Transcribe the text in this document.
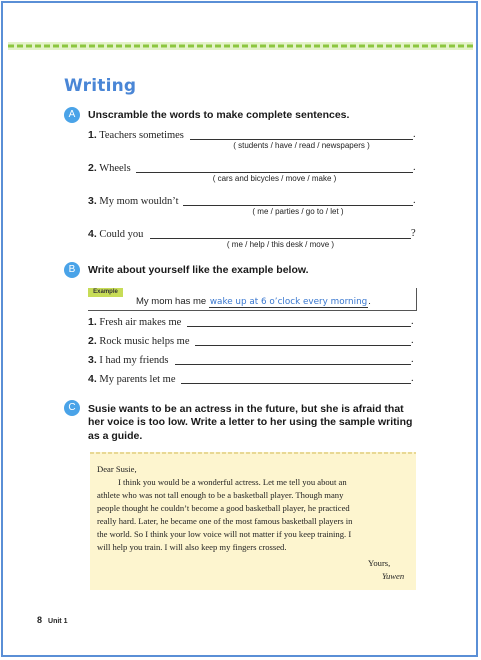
Writing
A	Unscramble the words to make complete sentences.
1. Teachers sometimes	.
( students / have / read / newspapers )
2. Wheels	.
( cars and bicycles / move / make )
3. My mom wouldn’t	.
( me / parties / go to / let )
4. Could you	?
( me / help / this desk / move )
B	Write about yourself like the example below.
Example
My mom has me wake up at 6 o’clock every morning.
1. Fresh air makes me	.
2. Rock music helps me	.
3. I had my friends	.
4. My parents let me	.
C	Susie wants to be an actress in the future, but she is afraid that
her voice is too low. Write a letter to her using the sample writing
as a guide.
Dear Susie,
I think you would be a wonderful actress. Let me tell you about an
athlete who was not tall enough to be a basketball player. Though many
people thought he couldn’t become a good basketball player, he practiced
really hard. Later, he became one of the most famous basketball players in
the world. So I think your low voice will not matter if you keep training. I
will help you train. I will also keep my fingers crossed.
Yours,
Yuwen
8 Unit 1
